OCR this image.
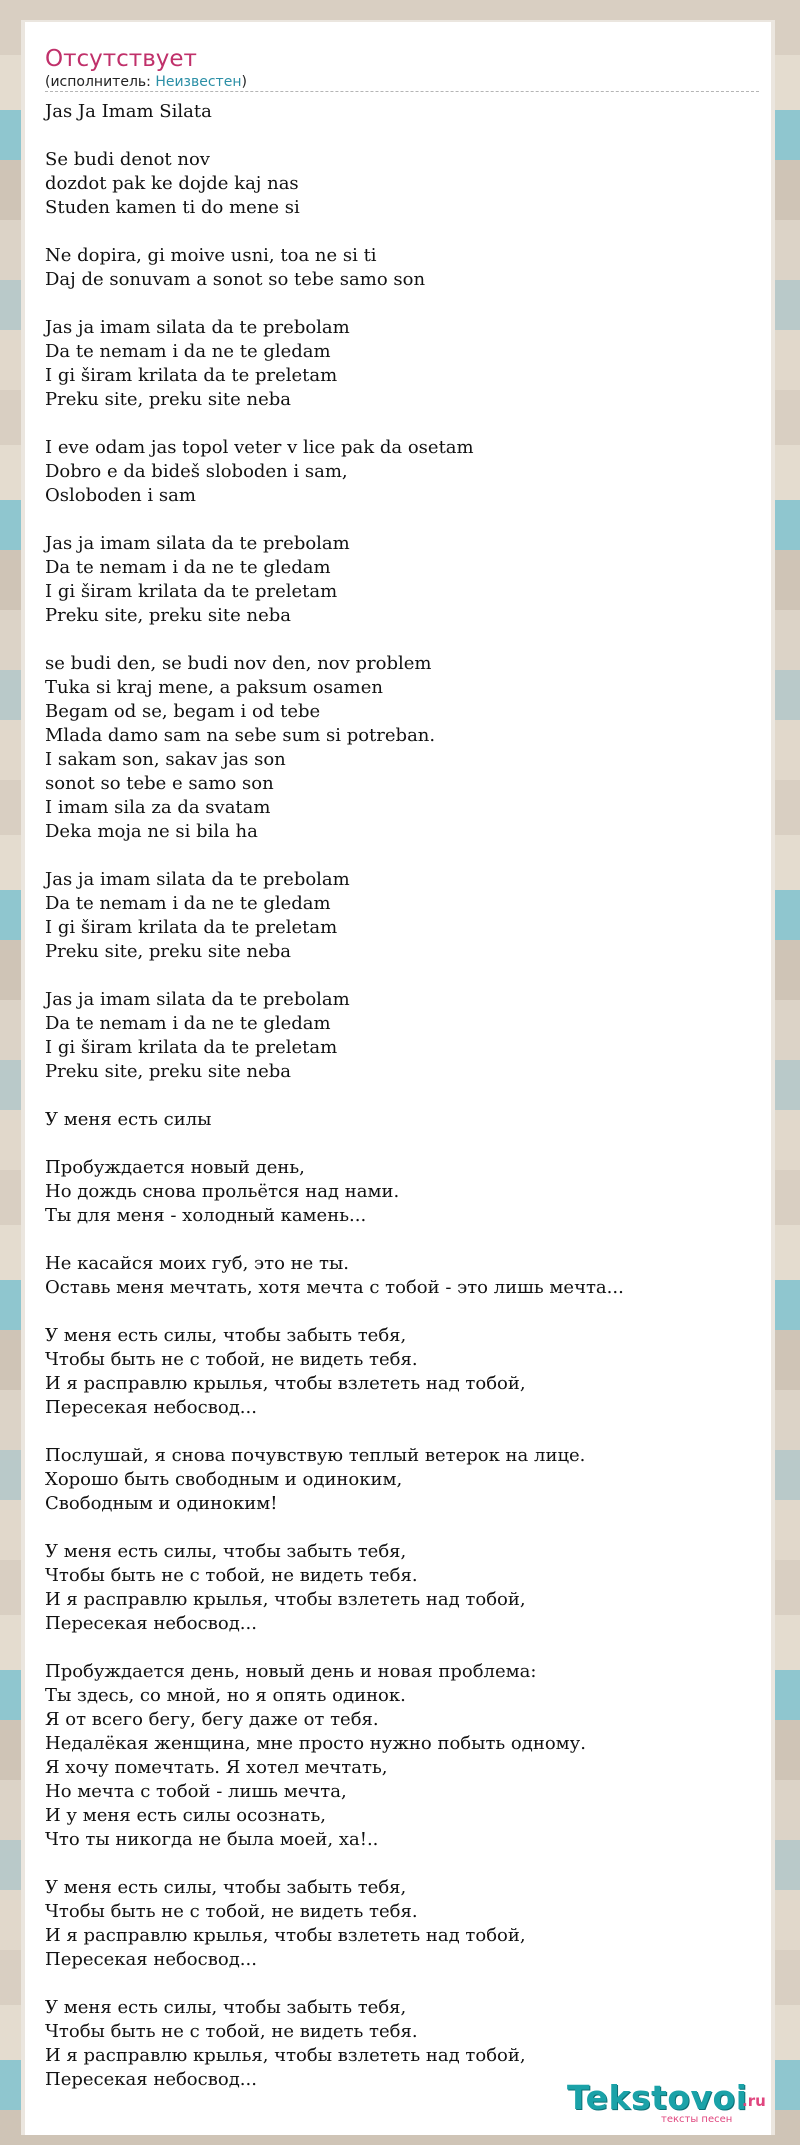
Отсутствует
(исполнитель: Неизвестен)
Jas Ja Imam Silata
Se budi denot nov
dozdot pak ke dojde kaj nas
Studen kamen ti do mene si
Ne dopira, gi moive usni, toa ne si ti
Daj de sonuvam a sonot so tebe samo son
Jas ja imam silata da te prebolam
Da te nemam i da ne te gledam
I gi širam krilata da te preletam
Preku site, preku site neba
I eve odam jas topol veter v lice pak da osetam
Dobro e da bideš sloboden i sam,
Osloboden i sam
Jas ja imam silata da te prebolam
Da te nemam i da ne te gledam
I gi širam krilata da te preletam
Preku site, preku site neba
se budi den, se budi nov den, nov problem
Tuka si kraj mene, a paksum osamen
Begam od se, begam i od tebe
Mlada damo sam na sebe sum si potreban.
I sakam son, sakav jas son
sonot so tebe e samo son
I imam sila za da svatam
Deka moja ne si bila ha
Jas ja imam silata da te prebolam
Da te nemam i da ne te gledam
I gi širam krilata da te preletam
Preku site, preku site neba
Jas ja imam silata da te prebolam
Da te nemam i da ne te gledam
I gi širam krilata da te preletam
Preku site, preku site neba
У меня есть силы
Пробуждается новый день,
Но дождь снова прольётся над нами.
Ты для меня - холодный камень...
Не касайся моих губ, это не ты.
Оставь меня мечтать, хотя мечта с тобой - это лишь мечта...
У меня есть силы, чтобы забыть тебя,
Чтобы быть не с тобой, не видеть тебя.
И я расправлю крылья, чтобы взлететь над тобой,
Пересекая небосвод...
Послушай, я снова почувствую теплый ветерок на лице.
Хорошо быть свободным и одиноким,
Свободным и одиноким!
У меня есть силы, чтобы забыть тебя,
Чтобы быть не с тобой, не видеть тебя.
И я расправлю крылья, чтобы взлететь над тобой,
Пересекая небосвод...
Пробуждается день, новый день и новая проблема:
Ты здесь, со мной, но я опять одинок.
Я от всего бегу, бегу даже от тебя.
Недалёкая женщина, мне просто нужно побыть одному.
Я хочу помечтать. Я хотел мечтать,
Но мечта с тобой - лишь мечта,
И у меня есть силы осознать,
Что ты никогда не была моей, ха!..
У меня есть силы, чтобы забыть тебя,
Чтобы быть не с тобой, не видеть тебя.
И я расправлю крылья, чтобы взлететь над тобой,
Пересекая небосвод...
У меня есть силы, чтобы забыть тебя,
Чтобы быть не с тобой, не видеть тебя.
И я расправлю крылья, чтобы взлететь над тобой,
Пересекая небосвод...	Tekstovoi
.ru
тексты песен
